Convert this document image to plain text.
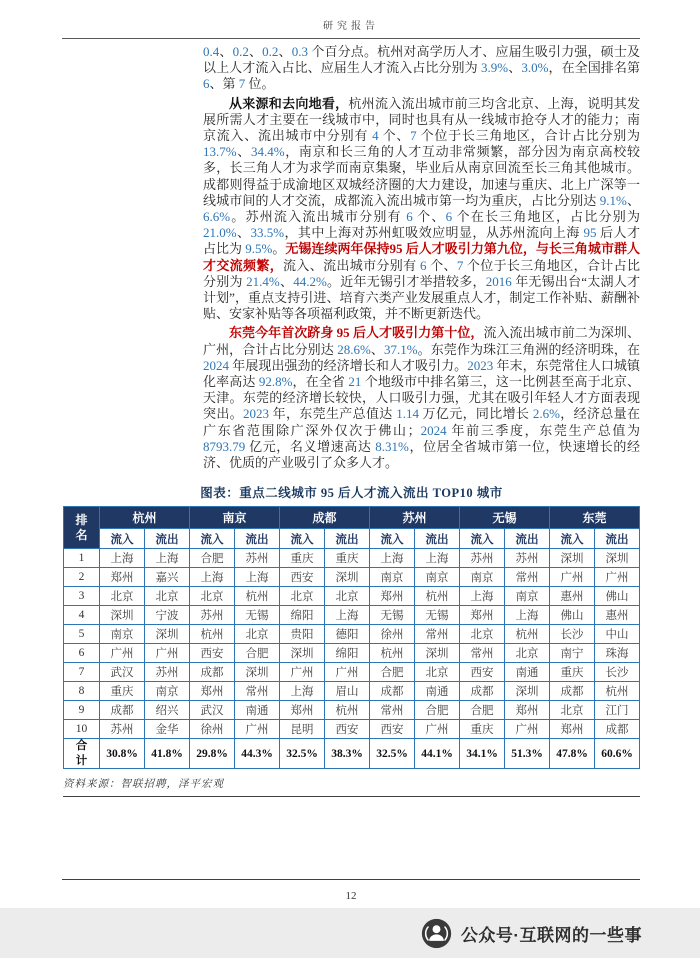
研究报告

0.4、0.2、0.2、0.3 个百分点。杭州对高学历人才、应届生吸引力强，硕士及以上人才流入占比、应届生人才流入占比分别为 3.9%、3.0%，在全国排名第 6、第 7 位。

从来源和去向地看，杭州流入流出城市前三均含北京、上海，说明其发展所需人才主要在一线城市中，同时也具有从一线城市抢夺人才的能力；南京流入、流出城市中分别有 4 个、7 个位于长三角地区，合计占比分别为 13.7%、34.4%，南京和长三角的人才互动非常频繁，部分因为南京高校较多，长三角人才为求学而南京集聚，毕业后从南京回流至长三角其他城市。成都则得益于成渝地区双城经济圈的大力建设，加速与重庆、北上广深等一线城市间的人才交流，成都流入流出城市第一均为重庆，占比分别达 9.1%、6.6%。苏州流入流出城市分别有 6 个、6 个在长三角地区，占比分别为 21.0%、33.5%，其中上海对苏州虹吸效应明显，从苏州流向上海 95 后人才占比为 9.5%。无锡连续两年保持95 后人才吸引力第九位，与长三角城市群人才交流频繁，流入、流出城市分别有 6 个、7 个位于长三角地区，合计占比分别为 21.4%、44.2%。近年无锡引才举措较多，2016 年无锡出台“太湖人才计划”，重点支持引进、培育六类产业发展重点人才，制定工作补贴、薪酬补贴、安家补贴等各项福利政策，并不断更新迭代。

东莞今年首次跻身 95 后人才吸引力第十位，流入流出城市前二为深圳、广州，合计占比分别达 28.6%、37.1%。东莞作为珠江三角洲的经济明珠，在 2024 年展现出强劲的经济增长和人才吸引力。2023 年末，东莞常住人口城镇化率高达 92.8%，在全省 21 个地级市中排名第三，这一比例甚至高于北京、天津。东莞的经济增长较快，人口吸引力强，尤其在吸引年轻人才方面表现突出。2023 年，东莞生产总值达 1.14 万亿元，同比增长 2.6%，经济总量在广东省范围除广深外仅次于佛山；2024 年前三季度，东莞生产总值为 8793.79 亿元，名义增速高达 8.31%，位居全省城市第一位，快速增长的经济、优质的产业吸引了众多人才。

图表：重点二线城市 95 后人才流入流出 TOP10 城市
排名	杭州		南京		成都		苏州		无锡		东莞	
	流入	流出	流入	流出	流入	流出	流入	流出	流入	流出	流入	流出
1	上海	上海	合肥	苏州	重庆	重庆	上海	上海	苏州	苏州	深圳	深圳
2	郑州	嘉兴	上海	上海	西安	深圳	南京	南京	南京	常州	广州	广州
3	北京	北京	北京	杭州	北京	北京	郑州	杭州	上海	南京	惠州	佛山
4	深圳	宁波	苏州	无锡	绵阳	上海	无锡	无锡	郑州	上海	佛山	惠州
5	南京	深圳	杭州	北京	贵阳	德阳	徐州	常州	北京	杭州	长沙	中山
6	广州	广州	西安	合肥	深圳	绵阳	杭州	深圳	常州	北京	南宁	珠海
7	武汉	苏州	成都	深圳	广州	广州	合肥	北京	西安	南通	重庆	长沙
8	重庆	南京	郑州	常州	上海	眉山	成都	南通	成都	深圳	成都	杭州
9	成都	绍兴	武汉	南通	郑州	杭州	常州	合肥	合肥	郑州	北京	江门
10	苏州	金华	徐州	广州	昆明	西安	西安	广州	重庆	广州	郑州	成都
合计	30.8%	41.8%	29.8%	44.3%	32.5%	38.3%	32.5%	44.1%	34.1%	51.3%	47.8%	60.6%
资料来源：智联招聘，泽平宏观
12
公众号·互联网的一些事
